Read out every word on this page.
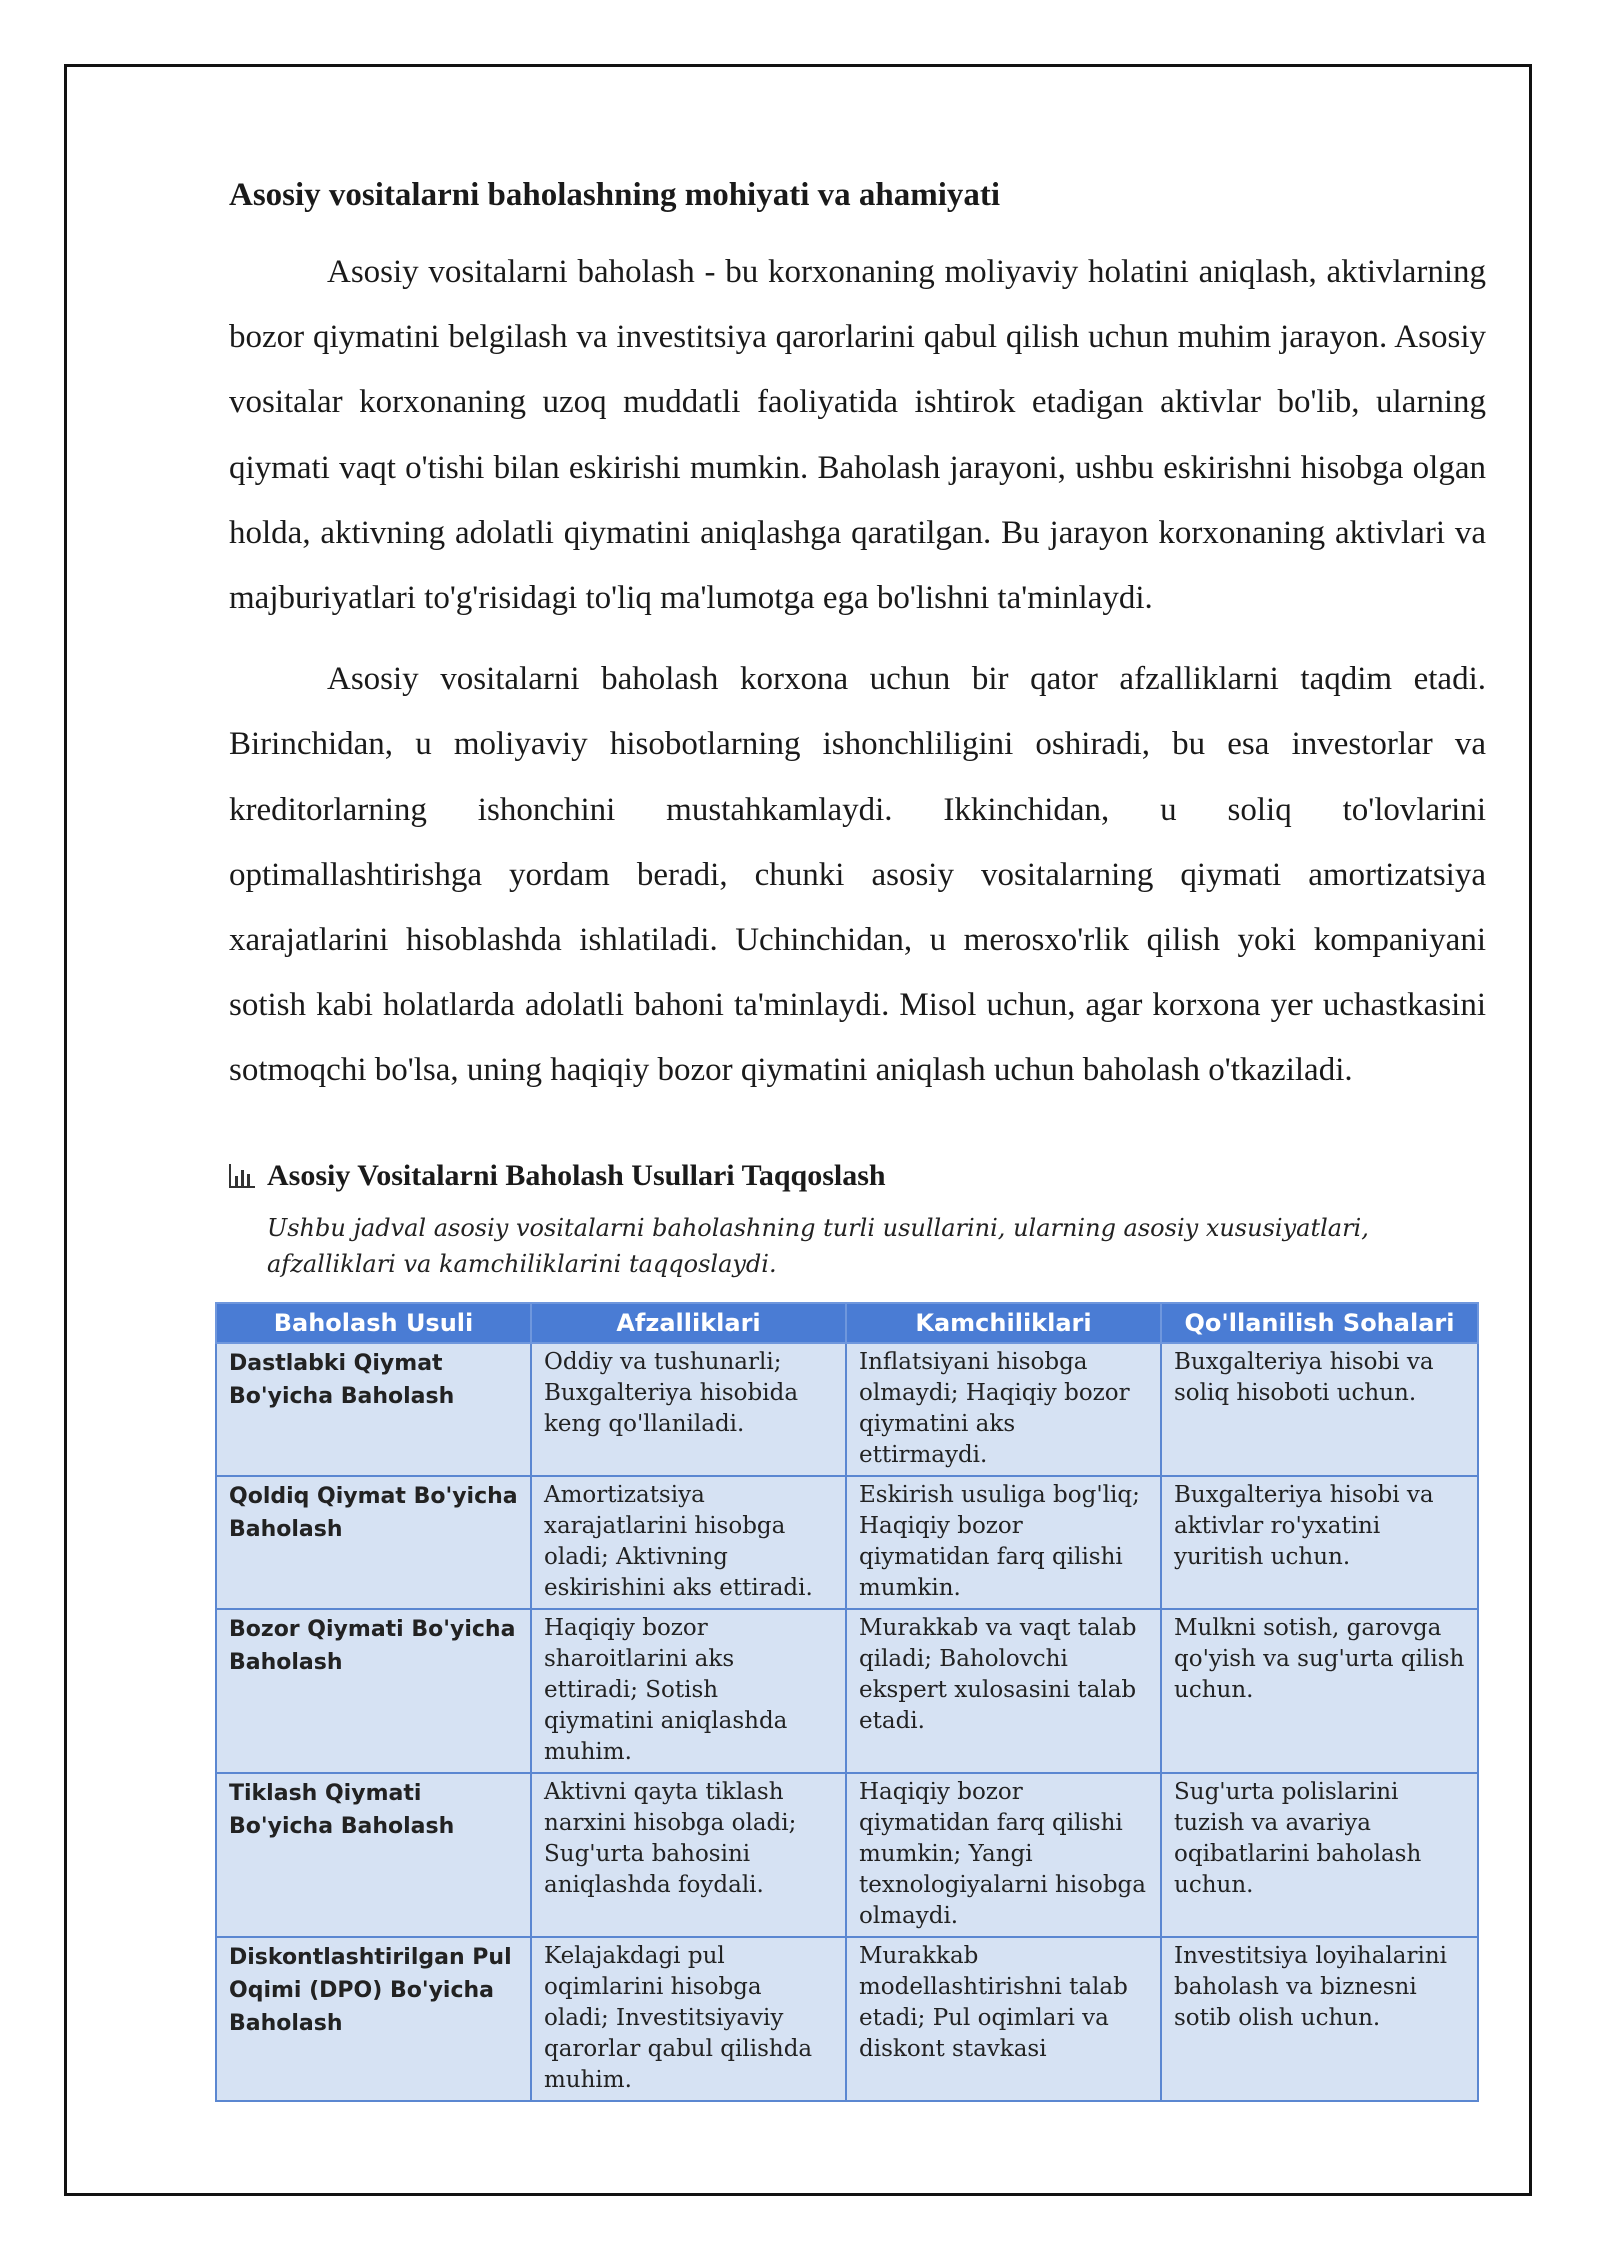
Asosiy vositalarni baholashning mohiyati va ahamiyati

Asosiy vositalarni baholash - bu korxonaning moliyaviy holatini aniqlash, aktivlarning bozor qiymatini belgilash va investitsiya qarorlarini qabul qilish uchun muhim jarayon. Asosiy vositalar korxonaning uzoq muddatli faoliyatida ishtirok etadigan aktivlar bo'lib, ularning qiymati vaqt o'tishi bilan eskirishi mumkin. Baholash jarayoni, ushbu eskirishni hisobga olgan holda, aktivning adolatli qiymatini aniqlashga qaratilgan. Bu jarayon korxonaning aktivlari va majburiyatlari to'g'risidagi to'liq ma'lumotga ega bo'lishni ta'minlaydi.

Asosiy vositalarni baholash korxona uchun bir qator afzalliklarni taqdim etadi. Birinchidan, u moliyaviy hisobotlarning ishonchliligini oshiradi, bu esa investorlar va kreditorlarning ishonchini mustahkamlaydi. Ikkinchidan, u soliq to'lovlarini optimallashtirishga yordam beradi, chunki asosiy vositalarning qiymati amortizatsiya xarajatlarini hisoblashda ishlatiladi. Uchinchidan, u merosxo'rlik qilish yoki kompaniyani sotish kabi holatlarda adolatli bahoni ta'minlaydi. Misol uchun, agar korxona yer uchastkasini sotmoqchi bo'lsa, uning haqiqiy bozor qiymatini aniqlash uchun baholash o'tkaziladi.

Asosiy Vositalarni Baholash Usullari Taqqoslash
Ushbu jadval asosiy vositalarni baholashning turli usullarini, ularning asosiy xususiyatlari, afzalliklari va kamchiliklarini taqqoslaydi.
Baholash Usuli	Afzalliklari	Kamchiliklari	Qo'llanilish Sohalari
Dastlabki Qiymat Bo'yicha Baholash	Oddiy va tushunarli; Buxgalteriya hisobida keng qo'llaniladi.	Inflatsiyani hisobga olmaydi; Haqiqiy bozor qiymatini aks ettirmaydi.	Buxgalteriya hisobi va soliq hisoboti uchun.
Qoldiq Qiymat Bo'yicha Baholash	Amortizatsiya xarajatlarini hisobga oladi; Aktivning eskirishini aks ettiradi.	Eskirish usuliga bog'liq; Haqiqiy bozor qiymatidan farq qilishi mumkin.	Buxgalteriya hisobi va aktivlar ro'yxatini yuritish uchun.
Bozor Qiymati Bo'yicha Baholash	Haqiqiy bozor sharoitlarini aks ettiradi; Sotish qiymatini aniqlashda muhim.	Murakkab va vaqt talab qiladi; Baholovchi ekspert xulosasini talab etadi.	Mulkni sotish, garovga qo'yish va sug'urta qilish uchun.
Tiklash Qiymati Bo'yicha Baholash	Aktivni qayta tiklash narxini hisobga oladi; Sug'urta bahosini aniqlashda foydali.	Haqiqiy bozor qiymatidan farq qilishi mumkin; Yangi texnologiyalarni hisobga olmaydi.	Sug'urta polislarini tuzish va avariya oqibatlarini baholash uchun.
Diskontlashtirilgan Pul Oqimi (DPO) Bo'yicha Baholash	Kelajakdagi pul oqimlarini hisobga oladi; Investitsiyaviy qarorlar qabul qilishda muhim.	Murakkab modellashtirishni talab etadi; Pul oqimlari va diskont stavkasi	Investitsiya loyihalarini baholash va biznesni sotib olish uchun.
